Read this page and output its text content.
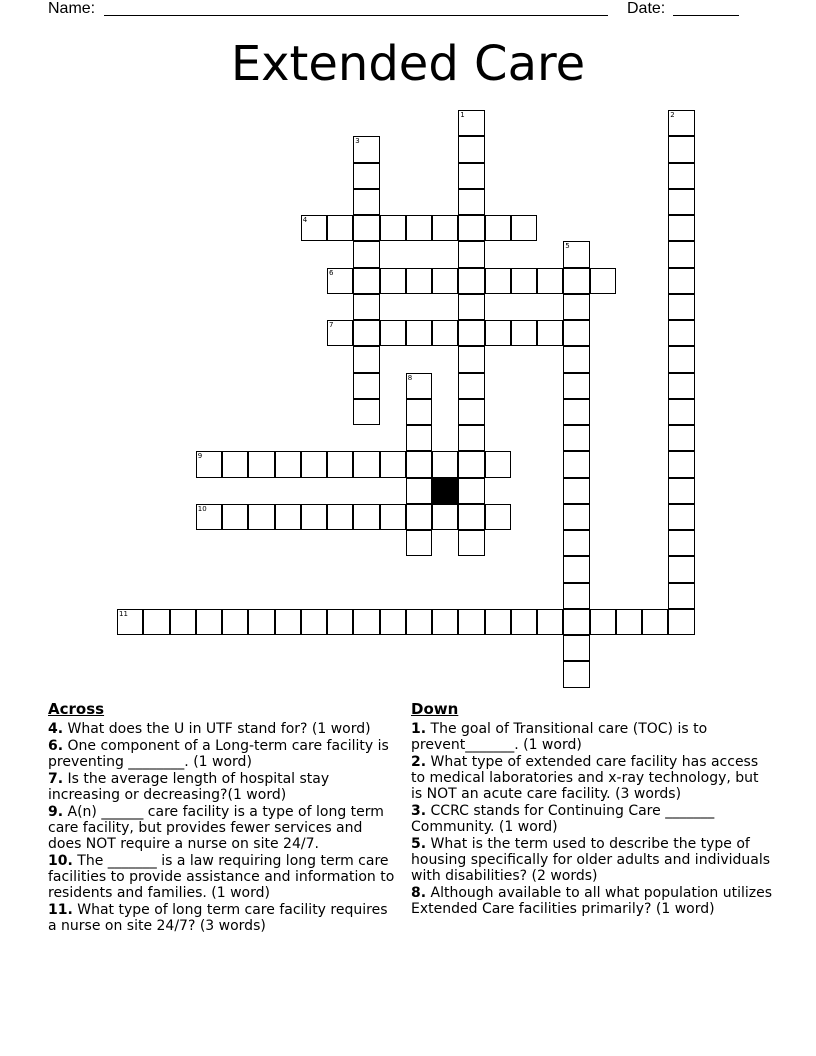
Name:

	Date:

Extended Care
1	2
3
4
5
6
7
8
9
10
11
Across
4. What does the U in UTF stand for? (1 word)
6. One component of a Long-term care facility is preventing ________. (1 word)
7. Is the average length of hospital stay increasing or decreasing?(1 word)
9. A(n) ______ care facility is a type of long term care facility, but provides fewer services and does NOT require a nurse on site 24/7.
10. The _______ is a law requiring long term care facilities to provide assistance and information to residents and families. (1 word)
11. What type of long term care facility requires a nurse on site 24/7? (3 words)
Down
1. The goal of Transitional care (TOC) is to prevent_______. (1 word)
2. What type of extended care facility has access to medical laboratories and x-ray technology, but is NOT an acute care facility. (3 words)
3. CCRC stands for Continuing Care _______ Community. (1 word)
5. What is the term used to describe the type of housing specifically for older adults and individuals with disabilities? (2 words)
8. Although available to all what population utilizes Extended Care facilities primarily? (1 word)
